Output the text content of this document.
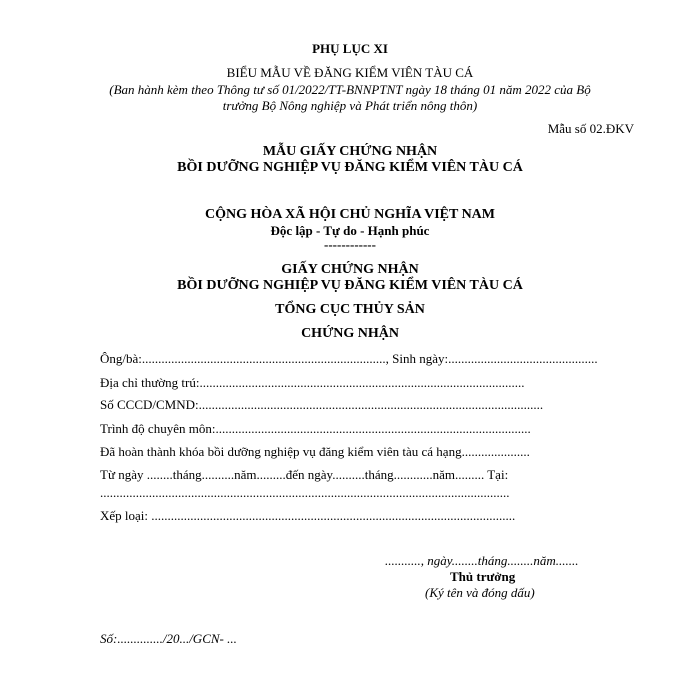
PHỤ LỤC XI
BIỂU MẪU VỀ ĐĂNG KIỂM VIÊN TÀU CÁ
(Ban hành kèm theo Thông tư số 01/2022/TT-BNNPTNT ngày 18 tháng 01 năm 2022 của Bộ
trưởng Bộ Nông nghiệp và Phát triển nông thôn)
Mẫu số 02.ĐKV
MẪU GIẤY CHỨNG NHẬN
BỒI DƯỠNG NGHIỆP VỤ ĐĂNG KIỂM VIÊN TÀU CÁ
CỘNG HÒA XÃ HỘI CHỦ NGHĨA VIỆT NAM
Độc lập - Tự do - Hạnh phúc
------------
GIẤY CHỨNG NHẬN
BỒI DƯỠNG NGHIỆP VỤ ĐĂNG KIỂM VIÊN TÀU CÁ
TỔNG CỤC THỦY SẢN
CHỨNG NHẬN
Ông/bà:..........................................................................., Sinh ngày:..............................................
Địa chỉ thường trú:....................................................................................................
Số CCCD/CMND:..........................................................................................................
Trình độ chuyên môn:.................................................................................................
Đã hoàn thành khóa bồi dưỡng nghiệp vụ đăng kiểm viên tàu cá hạng.....................
Từ ngày ........tháng..........năm.........đến ngày..........tháng............năm......... Tại:
..............................................................................................................................
Xếp loại: ................................................................................................................
..........., ngày........tháng........năm.......
Thủ trưởng
(Ký tên và đóng dấu)
Số:............../20.../GCN- ...
